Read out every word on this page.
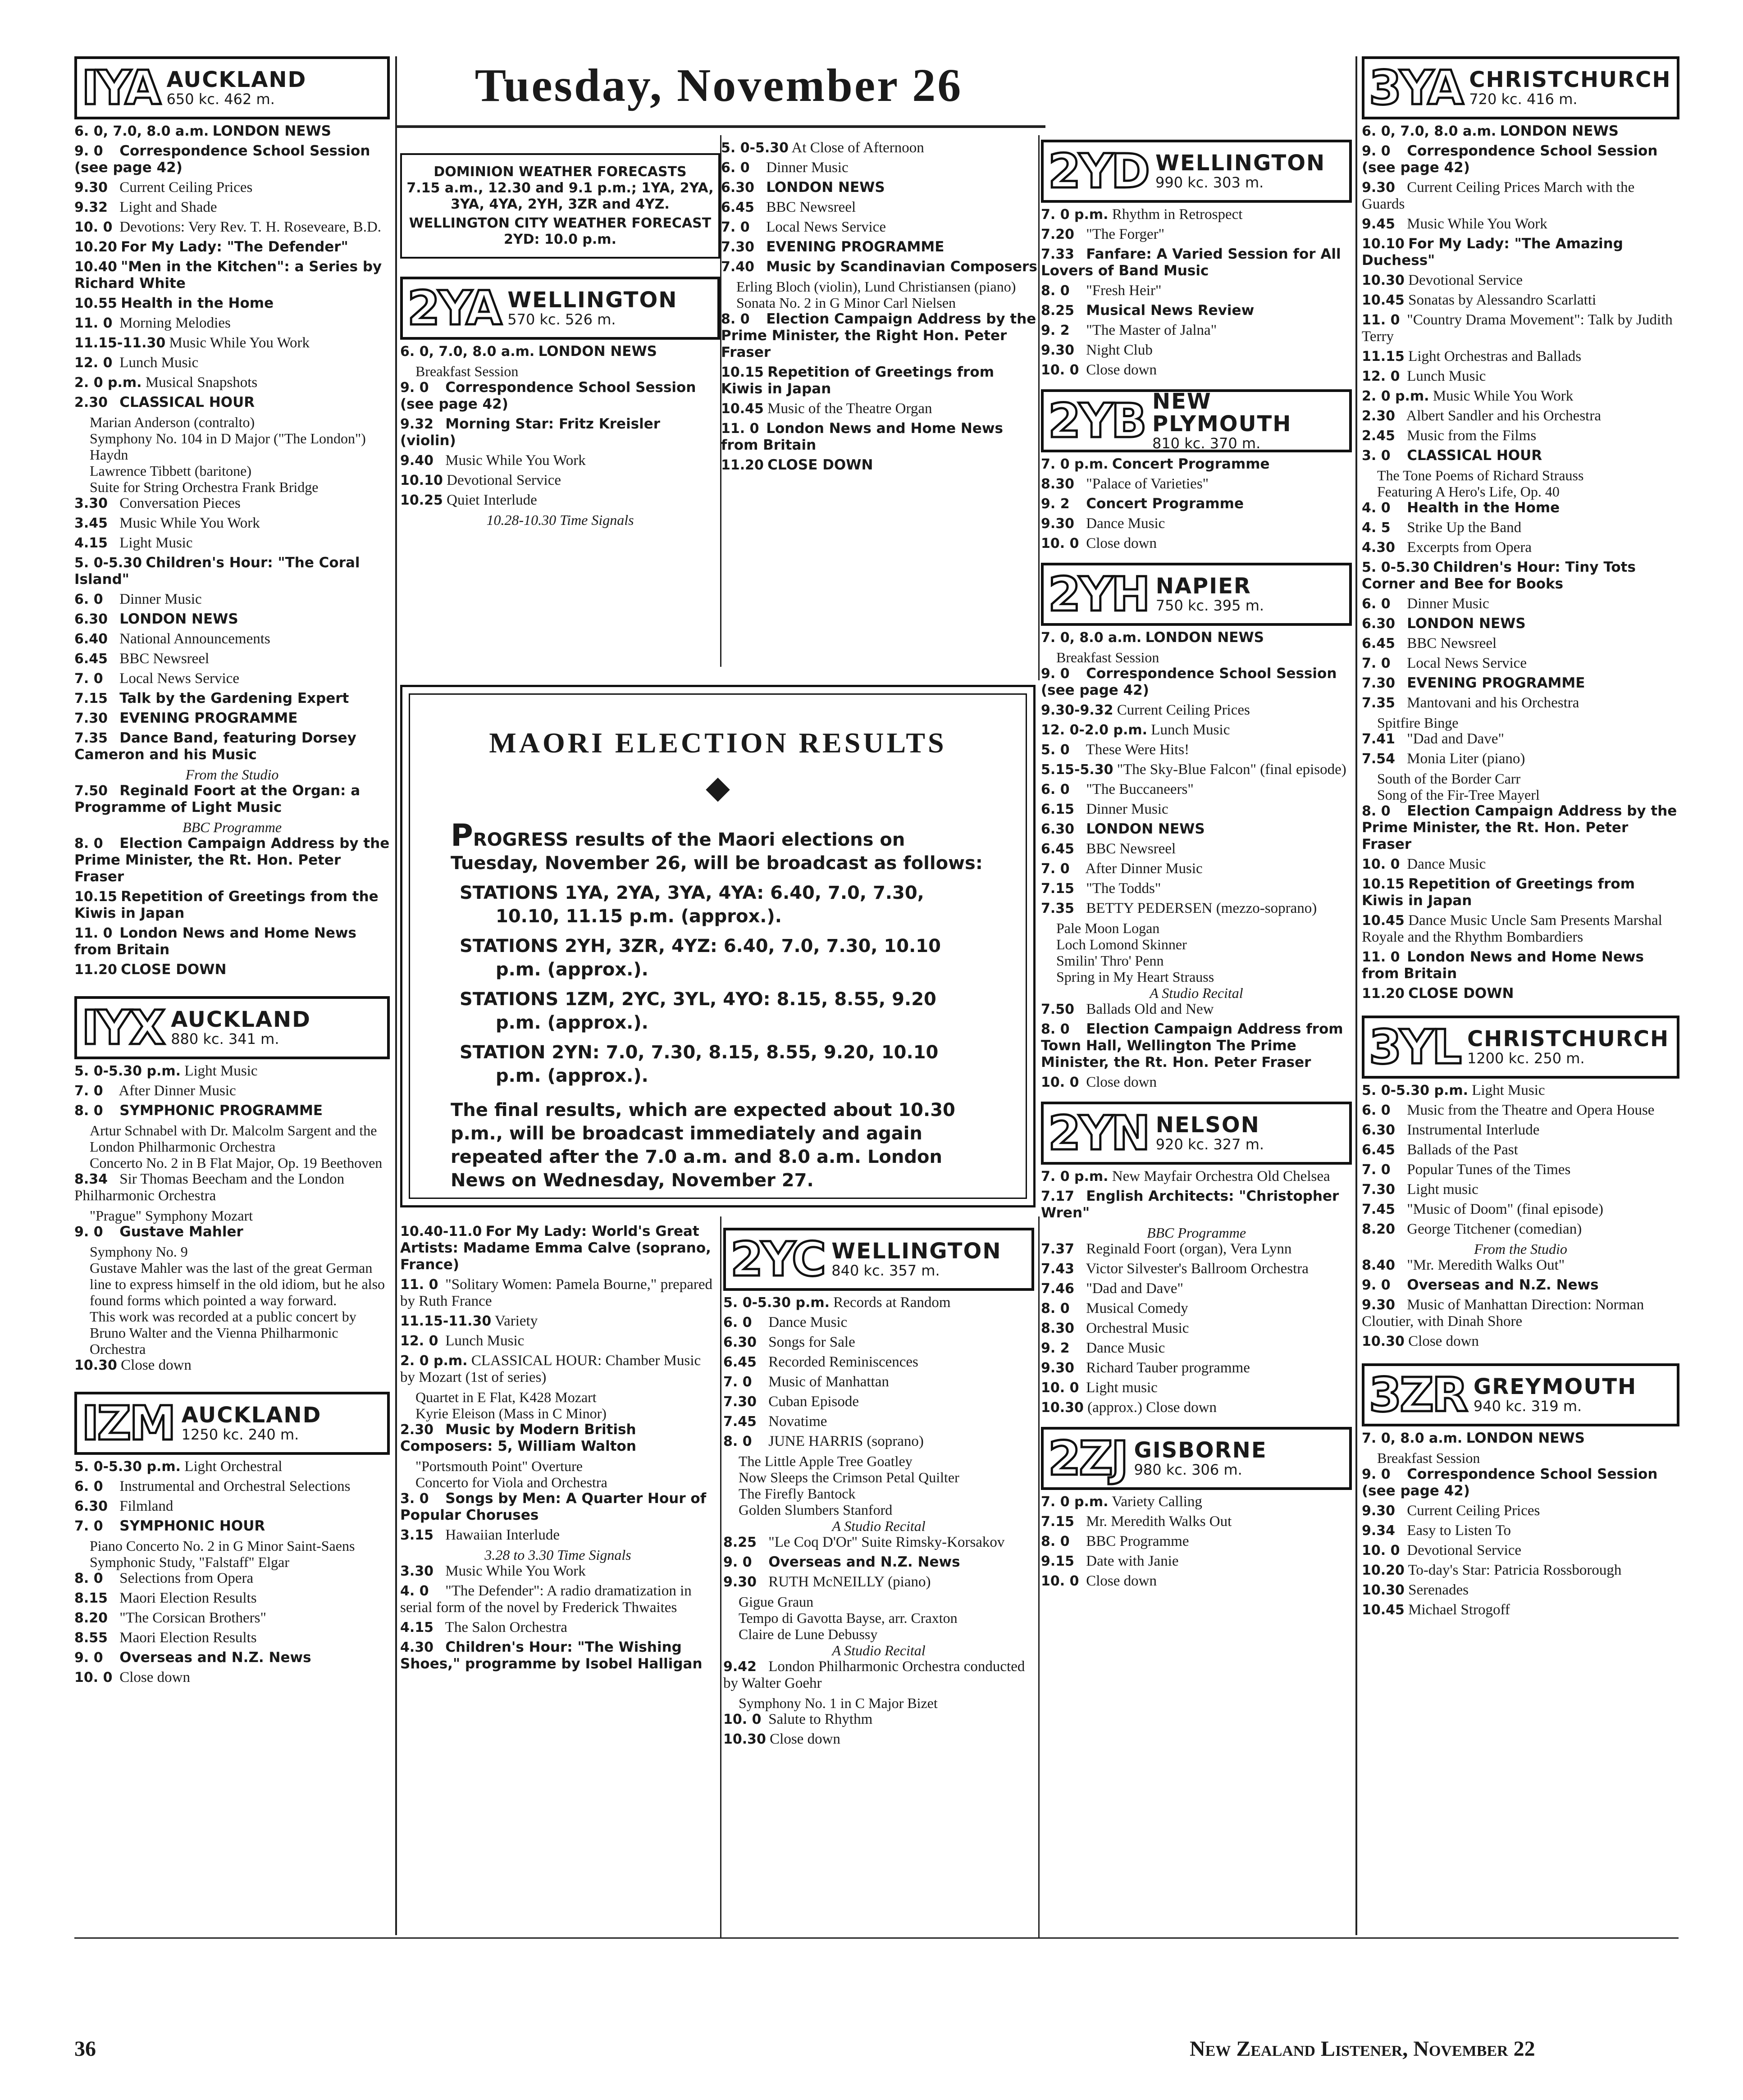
Tuesday, November 26
IYA AUCKLAND
650 kc. 462 m.
6. 0, 7.0, 8.0 a.m. LONDON NEWS
9. 0 Correspondence School Session (see page 42)
9.30 Current Ceiling Prices
9.32 Light and Shade
10. 0 Devotions: Very Rev. T. H. Roseveare, B.D.
10.20 For My Lady: "The Defender"
10.40 "Men in the Kitchen": a Series by Richard White
10.55 Health in the Home
11. 0 Morning Melodies
11.15-11.30 Music While You Work
12. 0 Lunch Music
2. 0 p.m. Musical Snapshots
2.30 CLASSICAL HOUR
Marian Anderson (contralto)
Symphony No. 104 in D Major ("The London") Haydn
Lawrence Tibbett (baritone)
Suite for String Orchestra Frank Bridge
3.30 Conversation Pieces
3.45 Music While You Work
4.15 Light Music
5. 0-5.30 Children's Hour: "The Coral Island"
6. 0 Dinner Music
6.30 LONDON NEWS
6.40 National Announcements
6.45 BBC Newsreel
7. 0 Local News Service
7.15 Talk by the Gardening Expert
7.30 EVENING PROGRAMME
7.35 Dance Band, featuring Dorsey Cameron and his Music
From the Studio
7.50 Reginald Foort at the Organ: a Programme of Light Music
BBC Programme
8. 0 Election Campaign Address by the Prime Minister, the Rt. Hon. Peter Fraser
10.15 Repetition of Greetings from the Kiwis in Japan
11. 0 London News and Home News from Britain
11.20 CLOSE DOWN
IYX AUCKLAND
880 kc. 341 m.
5. 0-5.30 p.m. Light Music
7. 0 After Dinner Music
8. 0 SYMPHONIC PROGRAMME
Artur Schnabel with Dr. Malcolm Sargent and the London Philharmonic Orchestra
Concerto No. 2 in B Flat Major, Op. 19 Beethoven
8.34 Sir Thomas Beecham and the London Philharmonic Orchestra
"Prague" Symphony Mozart
9. 0 Gustave Mahler
Symphony No. 9
Gustave Mahler was the last of the great German line to express himself in the old idiom, but he also found forms which pointed a way forward.
This work was recorded at a public concert by Bruno Walter and the Vienna Philharmonic Orchestra
10.30 Close down
IZM AUCKLAND
1250 kc. 240 m.
5. 0-5.30 p.m. Light Orchestral
6. 0 Instrumental and Orchestral Selections
6.30 Filmland
7. 0 SYMPHONIC HOUR
Piano Concerto No. 2 in G Minor Saint-Saens
Symphonic Study, "Falstaff" Elgar
8. 0 Selections from Opera
8.15 Maori Election Results
8.20 "The Corsican Brothers"
8.55 Maori Election Results
9. 0 Overseas and N.Z. News
10. 0 Close down
DOMINION WEATHER FORECASTS
7.15 a.m., 12.30 and 9.1 p.m.; 1YA, 2YA, 3YA, 4YA, 2YH, 3ZR and 4YZ.
WELLINGTON CITY WEATHER FORECAST
2YD: 10.0 p.m.
2YA WELLINGTON
570 kc. 526 m.
6. 0, 7.0, 8.0 a.m. LONDON NEWS
Breakfast Session
9. 0 Correspondence School Session (see page 42)
9.32 Morning Star: Fritz Kreisler (violin)
9.40 Music While You Work
10.10 Devotional Service
10.25 Quiet Interlude
10.28-10.30 Time Signals
5. 0-5.30 At Close of Afternoon
6. 0 Dinner Music
6.30 LONDON NEWS
6.45 BBC Newsreel
7. 0 Local News Service
7.30 EVENING PROGRAMME
7.40 Music by Scandinavian Composers
Erling Bloch (violin), Lund Christiansen (piano)
Sonata No. 2 in G Minor Carl Nielsen
8. 0 Election Campaign Address by the Prime Minister, the Right Hon. Peter Fraser
10.15 Repetition of Greetings from Kiwis in Japan
10.45 Music of the Theatre Organ
11. 0 London News and Home News from Britain
11.20 CLOSE DOWN
MAORI ELECTION RESULTS
◆

PROGRESS results of the Maori elections on Tuesday, November 26, will be broadcast as follows:

STATIONS 1YA, 2YA, 3YA, 4YA: 6.40, 7.0, 7.30, 10.10, 11.15 p.m. (approx.).

STATIONS 2YH, 3ZR, 4YZ: 6.40, 7.0, 7.30, 10.10 p.m. (approx.).

STATIONS 1ZM, 2YC, 3YL, 4YO: 8.15, 8.55, 9.20 p.m. (approx.).

STATION 2YN: 7.0, 7.30, 8.15, 8.55, 9.20, 10.10 p.m. (approx.).

The final results, which are expected about 10.30 p.m., will be broadcast immediately and again repeated after the 7.0 a.m. and 8.0 a.m. London News on Wednesday, November 27.

10.40-11.0 For My Lady: World's Great Artists: Madame Emma Calve (soprano, France)
11. 0 "Solitary Women: Pamela Bourne," prepared by Ruth France
11.15-11.30 Variety
12. 0 Lunch Music
2. 0 p.m. CLASSICAL HOUR: Chamber Music by Mozart (1st of series)
Quartet in E Flat, K428 Mozart
Kyrie Eleison (Mass in C Minor)
2.30 Music by Modern British Composers: 5, William Walton
"Portsmouth Point" Overture
Concerto for Viola and Orchestra
3. 0 Songs by Men: A Quarter Hour of Popular Choruses
3.15 Hawaiian Interlude
3.28 to 3.30 Time Signals
3.30 Music While You Work
4. 0 "The Defender": A radio dramatization in serial form of the novel by Frederick Thwaites
4.15 The Salon Orchestra
4.30 Children's Hour: "The Wishing Shoes," programme by Isobel Halligan
2YC WELLINGTON
840 kc. 357 m.
5. 0-5.30 p.m. Records at Random
6. 0 Dance Music
6.30 Songs for Sale
6.45 Recorded Reminiscences
7. 0 Music of Manhattan
7.30 Cuban Episode
7.45 Novatime
8. 0 JUNE HARRIS (soprano)
The Little Apple Tree Goatley
Now Sleeps the Crimson Petal Quilter
The Firefly Bantock
Golden Slumbers Stanford
A Studio Recital
8.25 "Le Coq D'Or" Suite Rimsky-Korsakov
9. 0 Overseas and N.Z. News
9.30 RUTH McNEILLY (piano)
Gigue Graun
Tempo di Gavotta Bayse, arr. Craxton
Claire de Lune Debussy
A Studio Recital
9.42 London Philharmonic Orchestra conducted by Walter Goehr
Symphony No. 1 in C Major Bizet
10. 0 Salute to Rhythm
10.30 Close down
2YD WELLINGTON
990 kc. 303 m.
7. 0 p.m. Rhythm in Retrospect
7.20 "The Forger"
7.33 Fanfare: A Varied Session for All Lovers of Band Music
8. 0 "Fresh Heir"
8.25 Musical News Review
9. 2 "The Master of Jalna"
9.30 Night Club
10. 0 Close down
2YB NEW PLYMOUTH
810 kc. 370 m.
7. 0 p.m. Concert Programme
8.30 "Palace of Varieties"
9. 2 Concert Programme
9.30 Dance Music
10. 0 Close down
2YH NAPIER
750 kc. 395 m.
7. 0, 8.0 a.m. LONDON NEWS
Breakfast Session
9. 0 Correspondence School Session (see page 42)
9.30-9.32 Current Ceiling Prices
12. 0-2.0 p.m. Lunch Music
5. 0 These Were Hits!
5.15-5.30 "The Sky-Blue Falcon" (final episode)
6. 0 "The Buccaneers"
6.15 Dinner Music
6.30 LONDON NEWS
6.45 BBC Newsreel
7. 0 After Dinner Music
7.15 "The Todds"
7.35 BETTY PEDERSEN (mezzo-soprano)
Pale Moon Logan
Loch Lomond Skinner
Smilin' Thro' Penn
Spring in My Heart Strauss
A Studio Recital
7.50 Ballads Old and New
8. 0 Election Campaign Address from Town Hall, Wellington The Prime Minister, the Rt. Hon. Peter Fraser
10. 0 Close down
2YN NELSON
920 kc. 327 m.
7. 0 p.m. New Mayfair Orchestra Old Chelsea
7.17 English Architects: "Christopher Wren"
BBC Programme
7.37 Reginald Foort (organ), Vera Lynn
7.43 Victor Silvester's Ballroom Orchestra
7.46 "Dad and Dave"
8. 0 Musical Comedy
8.30 Orchestral Music
9. 2 Dance Music
9.30 Richard Tauber programme
10. 0 Light music
10.30 (approx.) Close down
2ZJ GISBORNE
980 kc. 306 m.
7. 0 p.m. Variety Calling
7.15 Mr. Meredith Walks Out
8. 0 BBC Programme
9.15 Date with Janie
10. 0 Close down
3YA CHRISTCHURCH
720 kc. 416 m.
6. 0, 7.0, 8.0 a.m. LONDON NEWS
9. 0 Correspondence School Session (see page 42)
9.30 Current Ceiling Prices March with the Guards
9.45 Music While You Work
10.10 For My Lady: "The Amazing Duchess"
10.30 Devotional Service
10.45 Sonatas by Alessandro Scarlatti
11. 0 "Country Drama Movement": Talk by Judith Terry
11.15 Light Orchestras and Ballads
12. 0 Lunch Music
2. 0 p.m. Music While You Work
2.30 Albert Sandler and his Orchestra
2.45 Music from the Films
3. 0 CLASSICAL HOUR
The Tone Poems of Richard Strauss
Featuring A Hero's Life, Op. 40
4. 0 Health in the Home
4. 5 Strike Up the Band
4.30 Excerpts from Opera
5. 0-5.30 Children's Hour: Tiny Tots Corner and Bee for Books
6. 0 Dinner Music
6.30 LONDON NEWS
6.45 BBC Newsreel
7. 0 Local News Service
7.30 EVENING PROGRAMME
7.35 Mantovani and his Orchestra
Spitfire Binge
7.41 "Dad and Dave"
7.54 Monia Liter (piano)
South of the Border Carr
Song of the Fir-Tree Mayerl
8. 0 Election Campaign Address by the Prime Minister, the Rt. Hon. Peter Fraser
10. 0 Dance Music
10.15 Repetition of Greetings from Kiwis in Japan
10.45 Dance Music Uncle Sam Presents Marshal Royale and the Rhythm Bombardiers
11. 0 London News and Home News from Britain
11.20 CLOSE DOWN
3YL CHRISTCHURCH
1200 kc. 250 m.
5. 0-5.30 p.m. Light Music
6. 0 Music from the Theatre and Opera House
6.30 Instrumental Interlude
6.45 Ballads of the Past
7. 0 Popular Tunes of the Times
7.30 Light music
7.45 "Music of Doom" (final episode)
8.20 George Titchener (comedian)
From the Studio
8.40 "Mr. Meredith Walks Out"
9. 0 Overseas and N.Z. News
9.30 Music of Manhattan Direction: Norman Cloutier, with Dinah Shore
10.30 Close down
3ZR GREYMOUTH
940 kc. 319 m.
7. 0, 8.0 a.m. LONDON NEWS
Breakfast Session
9. 0 Correspondence School Session (see page 42)
9.30 Current Ceiling Prices
9.34 Easy to Listen To
10. 0 Devotional Service
10.20 To-day's Star: Patricia Rossborough
10.30 Serenades
10.45 Michael Strogoff
36	New Zealand Listener, November 22
